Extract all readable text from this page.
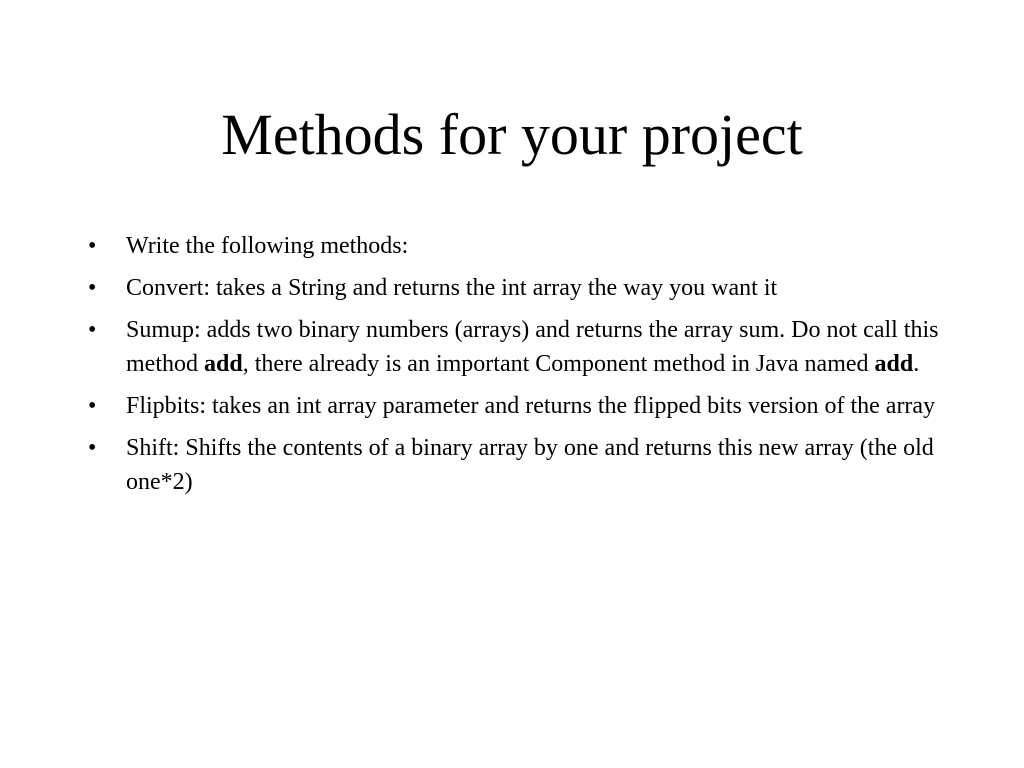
Methods for your project
•	Write the following methods:
•	Convert: takes a String and returns the int array the way you want it
•	Sumup: adds two binary numbers (arrays) and returns the array sum. Do not call this method add, there already is an important Component method in Java named add.
•	Flipbits: takes an int array parameter and returns the flipped bits version of the array
•	Shift: Shifts the contents of a binary array by one and returns this new array (the old one*2)
